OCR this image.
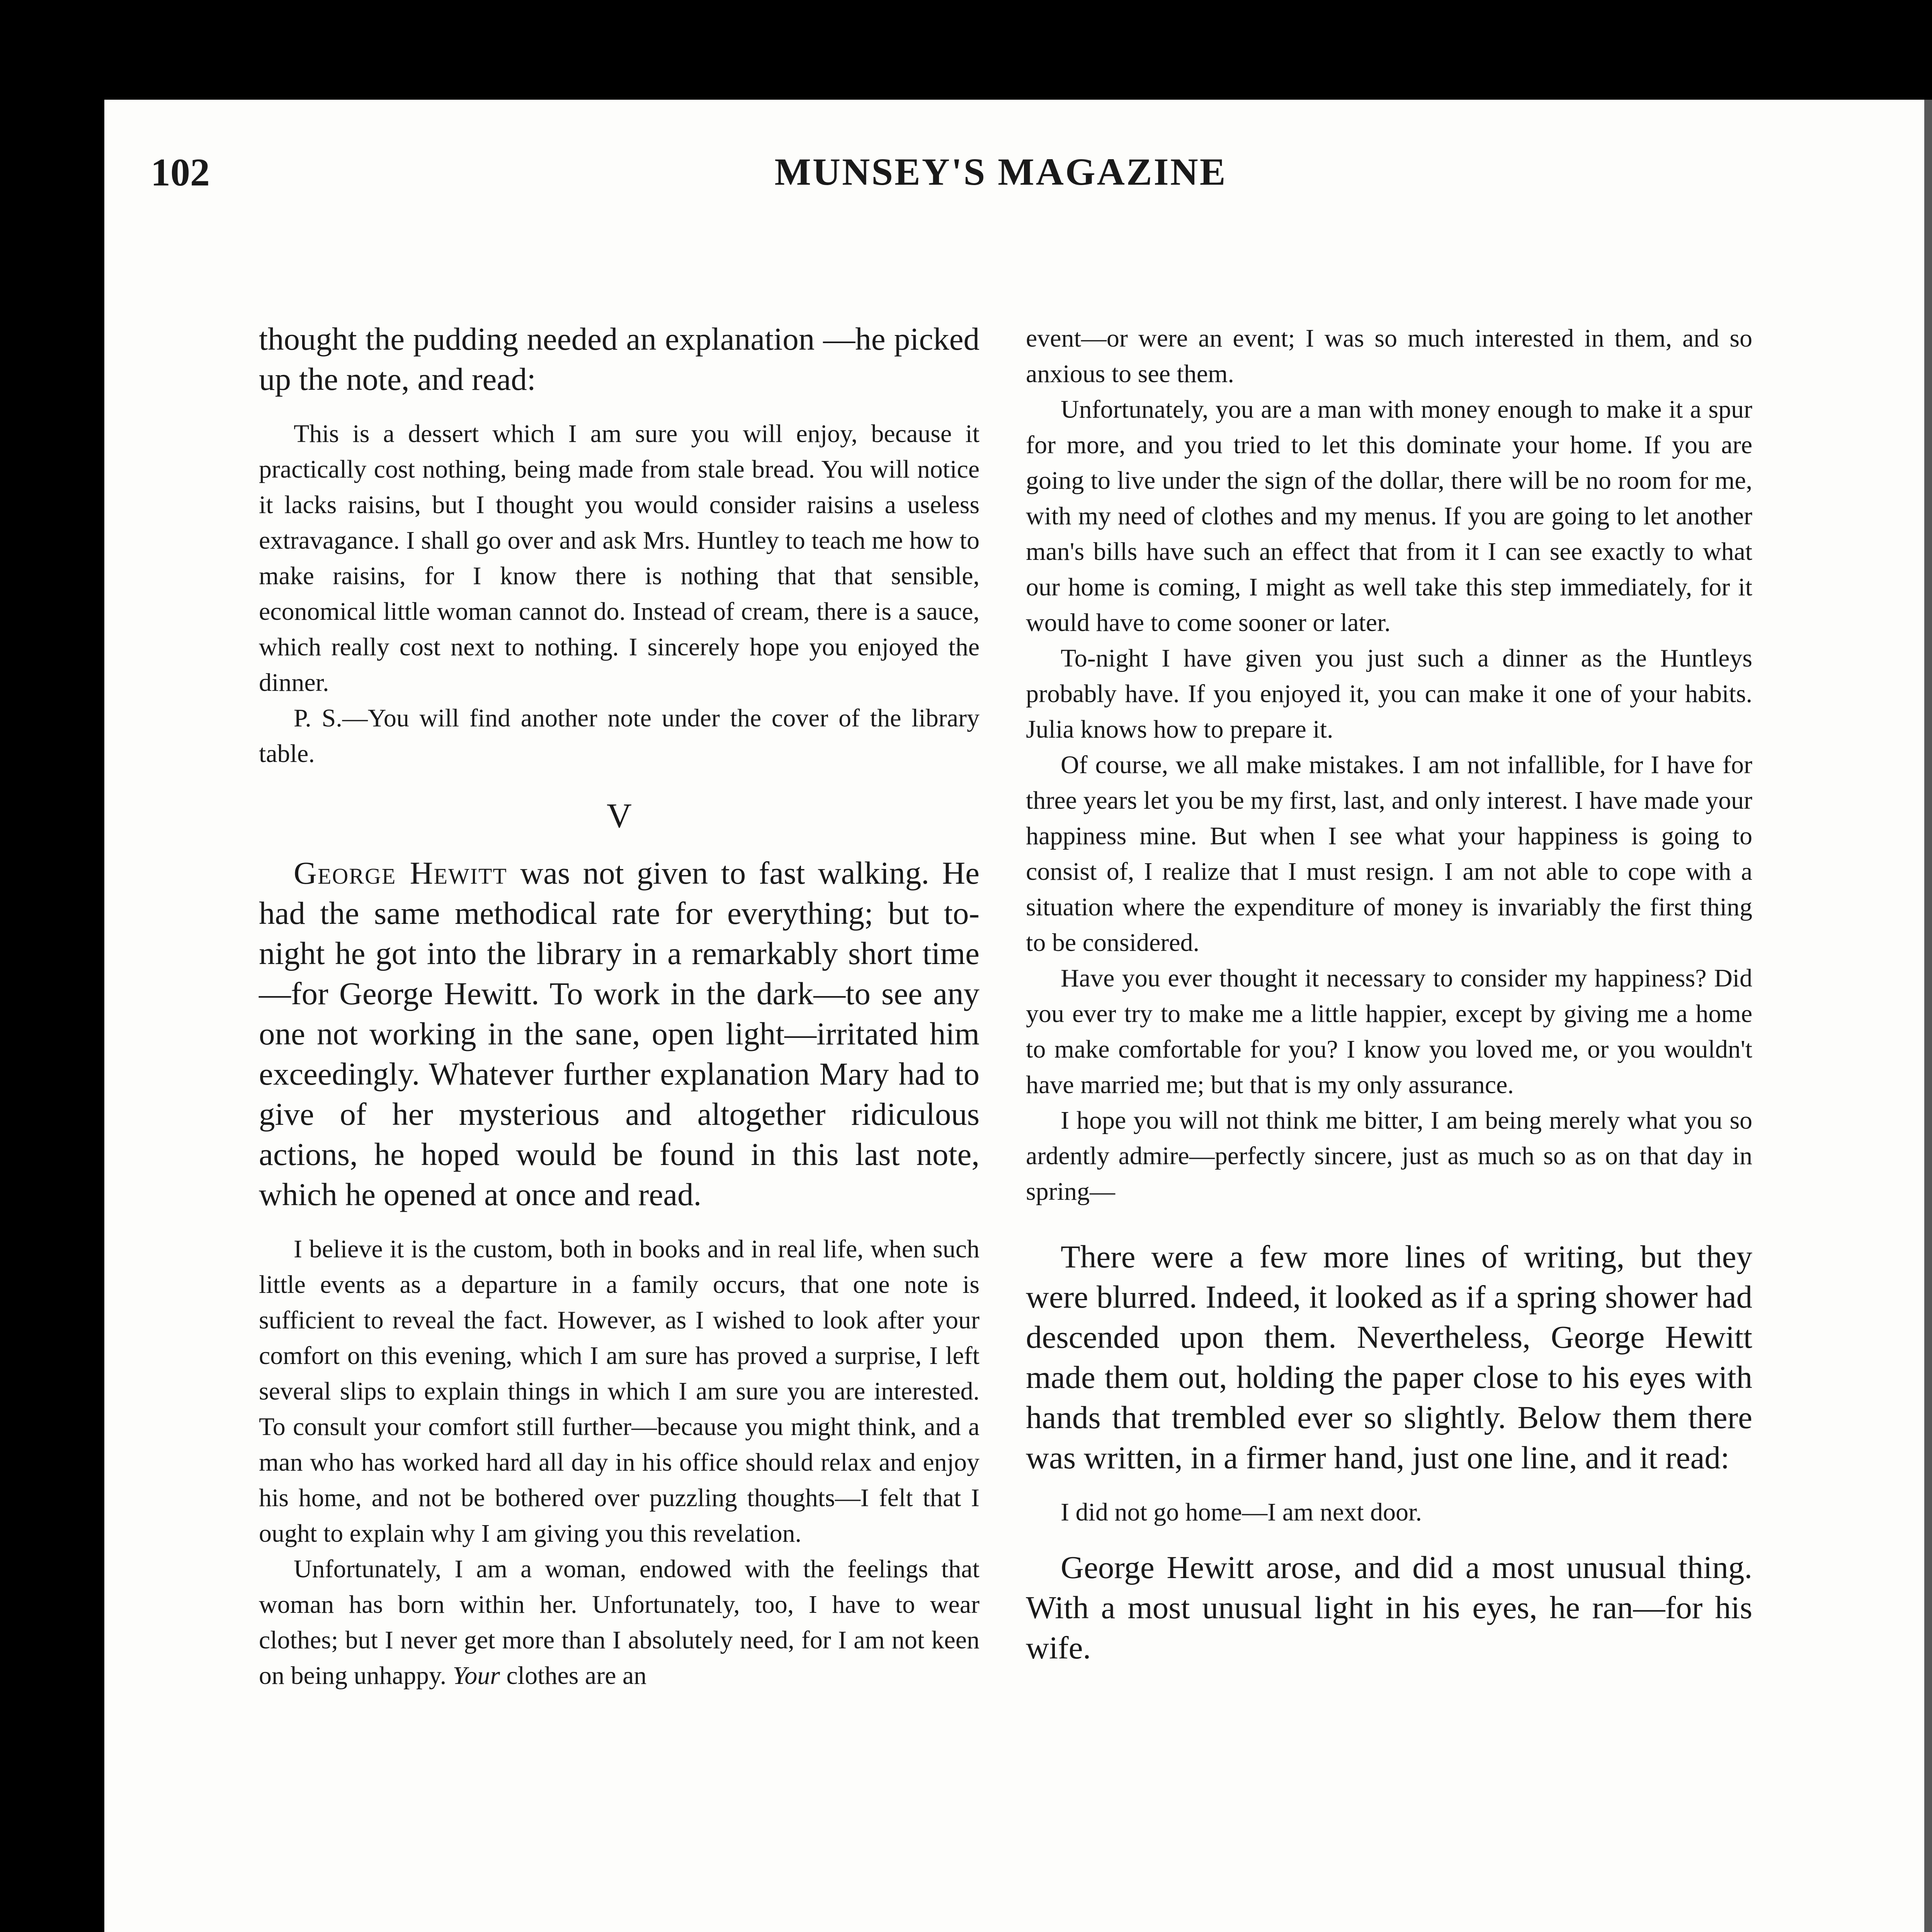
102	MUNSEY'S MAGAZINE

thought the pudding needed an explanation —he picked up the note, and read:

This is a dessert which I am sure you will enjoy, because it practically cost nothing, being made from stale bread. You will notice it lacks raisins, but I thought you would consider raisins a useless extravagance. I shall go over and ask Mrs. Huntley to teach me how to make raisins, for I know there is nothing that that sensible, economical little woman cannot do. Instead of cream, there is a sauce, which really cost next to nothing. I sincerely hope you enjoyed the dinner.

P. S.—You will find another note under the cover of the library table.

V

George Hewitt was not given to fast walking. He had the same methodical rate for everything; but to-night he got into the library in a remarkably short time—for George Hewitt. To work in the dark—to see any one not working in the sane, open light—irritated him exceedingly. Whatever further explanation Mary had to give of her mysterious and altogether ridiculous actions, he hoped would be found in this last note, which he opened at once and read.

I believe it is the custom, both in books and in real life, when such little events as a departure in a family occurs, that one note is sufficient to reveal the fact. However, as I wished to look after your comfort on this evening, which I am sure has proved a surprise, I left several slips to explain things in which I am sure you are interested. To consult your comfort still further—because you might think, and a man who has worked hard all day in his office should relax and enjoy his home, and not be bothered over puzzling thoughts—I felt that I ought to explain why I am giving you this revelation.

Unfortunately, I am a woman, endowed with the feelings that woman has born within her. Unfortunately, too, I have to wear clothes; but I never get more than I absolutely need, for I am not keen on being unhappy. Your clothes are an

event—or were an event; I was so much interested in them, and so anxious to see them.

Unfortunately, you are a man with money enough to make it a spur for more, and you tried to let this dominate your home. If you are going to live under the sign of the dollar, there will be no room for me, with my need of clothes and my menus. If you are going to let another man's bills have such an effect that from it I can see exactly to what our home is coming, I might as well take this step immediately, for it would have to come sooner or later.

To-night I have given you just such a dinner as the Huntleys probably have. If you enjoyed it, you can make it one of your habits. Julia knows how to prepare it.

Of course, we all make mistakes. I am not infallible, for I have for three years let you be my first, last, and only interest. I have made your happiness mine. But when I see what your happiness is going to consist of, I realize that I must resign. I am not able to cope with a situation where the expenditure of money is invariably the first thing to be considered.

Have you ever thought it necessary to consider my happiness? Did you ever try to make me a little happier, except by giving me a home to make comfortable for you? I know you loved me, or you wouldn't have married me; but that is my only assurance.

I hope you will not think me bitter, I am being merely what you so ardently admire—perfectly sincere, just as much so as on that day in spring—

There were a few more lines of writing, but they were blurred. Indeed, it looked as if a spring shower had descended upon them. Nevertheless, George Hewitt made them out, holding the paper close to his eyes with hands that trembled ever so slightly. Below them there was written, in a firmer hand, just one line, and it read:

I did not go home—I am next door.

George Hewitt arose, and did a most unusual thing. With a most unusual light in his eyes, he ran—for his wife.
